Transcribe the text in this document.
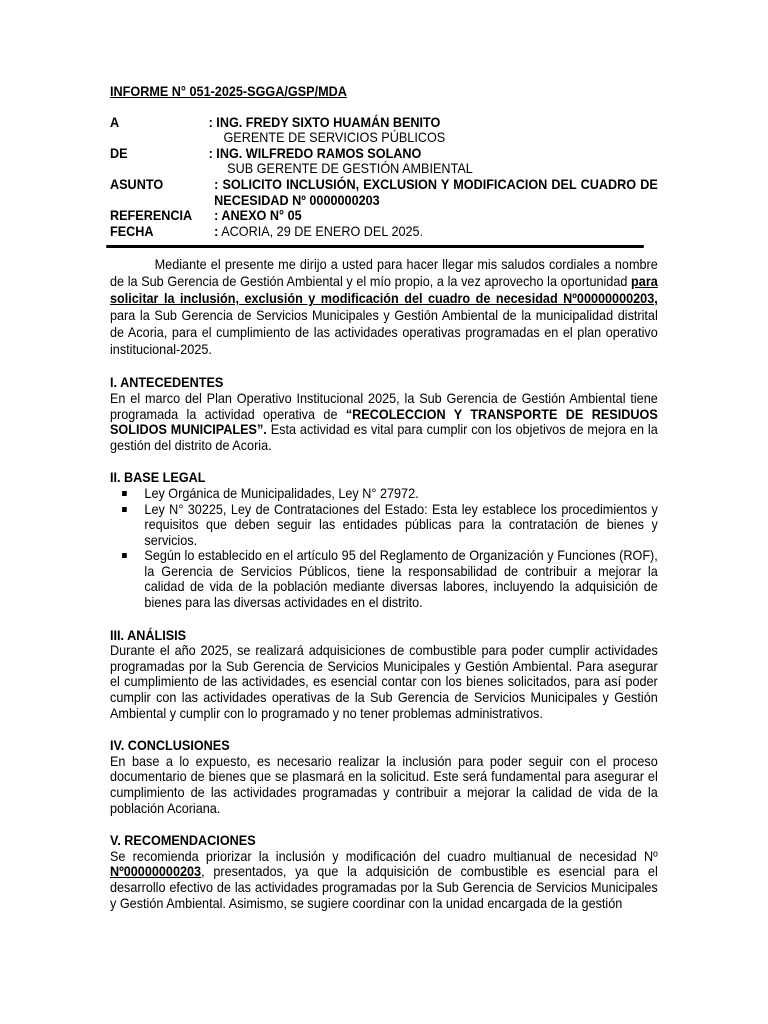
INFORME N° 051-2025-SGGA/GSP/MDA
A	: ING. FREDY SIXTO HUAMÁN BENITO
GERENTE DE SERVICIOS PÚBLICOS
DE	: ING. WILFREDO RAMOS SOLANO
SUB GERENTE DE GESTIÓN AMBIENTAL
ASUNTO	: SOLICITO INCLUSIÓN, EXCLUSION Y MODIFICACION DEL CUADRO DE NECESIDAD Nº 0000000203
REFERENCIA	: ANEXO N° 05
FECHA	: ACORIA, 29 DE ENERO DEL 2025.
Mediante el presente me dirijo a usted para hacer llegar mis saludos cordiales a nombre de la Sub Gerencia de Gestión Ambiental y el mío propio, a la vez aprovecho la oportunidad para solicitar la inclusión, exclusión y modificación del cuadro de necesidad Nº00000000203, para la Sub Gerencia de Servicios Municipales y Gestión Ambiental de la municipalidad distrital de Acoria, para el cumplimiento de las actividades operativas programadas en el plan operativo institucional-2025.
I. ANTECEDENTES
En el marco del Plan Operativo Institucional 2025, la Sub Gerencia de Gestión Ambiental tiene programada la actividad operativa de “RECOLECCION Y TRANSPORTE DE RESIDUOS SOLIDOS MUNICIPALES”. Esta actividad es vital para cumplir con los objetivos de mejora en la gestión del distrito de Acoria.
II. BASE LEGAL
Ley Orgánica de Municipalidades, Ley N° 27972.
Ley N° 30225, Ley de Contrataciones del Estado: Esta ley establece los procedimientos y requisitos que deben seguir las entidades públicas para la contratación de bienes y servicios.
Según lo establecido en el artículo 95 del Reglamento de Organización y Funciones (ROF), la Gerencia de Servicios Públicos, tiene la responsabilidad de contribuir a mejorar la calidad de vida de la población mediante diversas labores, incluyendo la adquisición de bienes para las diversas actividades en el distrito.
III. ANÁLISIS
Durante el año 2025, se realizará adquisiciones de combustible para poder cumplir actividades programadas por la Sub Gerencia de Servicios Municipales y Gestión Ambiental. Para asegurar el cumplimiento de las actividades, es esencial contar con los bienes solicitados, para así poder cumplir con las actividades operativas de la Sub Gerencia de Servicios Municipales y Gestión Ambiental y cumplir con lo programado y no tener problemas administrativos.
IV. CONCLUSIONES
En base a lo expuesto, es necesario realizar la inclusión para poder seguir con el proceso documentario de bienes que se plasmará en la solicitud. Este será fundamental para asegurar el cumplimiento de las actividades programadas y contribuir a mejorar la calidad de vida de la población Acoriana.
V. RECOMENDACIONES
Se recomienda priorizar la inclusión y modificación del cuadro multianual de necesidad Nº Nº00000000203, presentados, ya que la adquisición de combustible es esencial para el desarrollo efectivo de las actividades programadas por la Sub Gerencia de Servicios Municipales y Gestión Ambiental. Asimismo, se sugiere coordinar con la unidad encargada de la gestión
